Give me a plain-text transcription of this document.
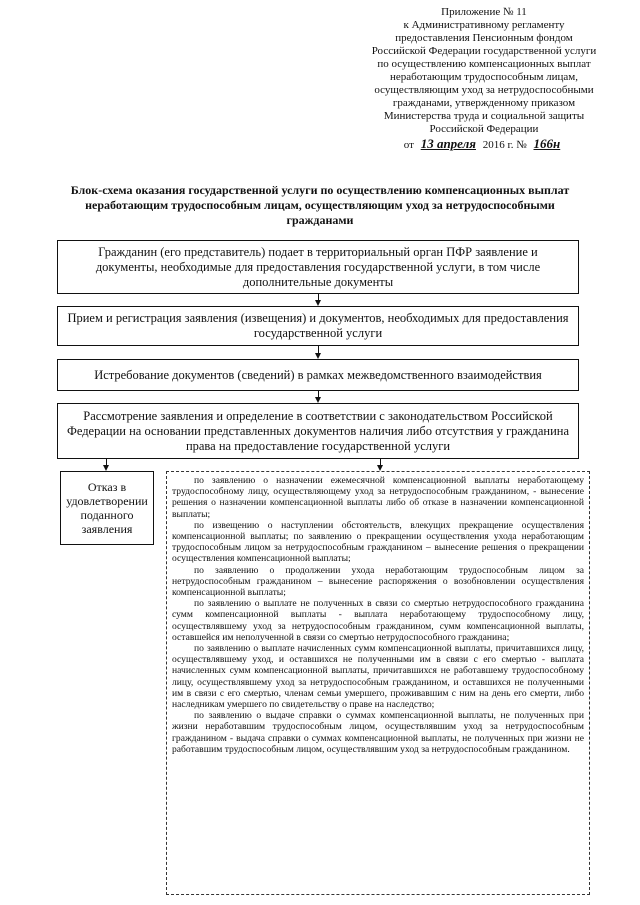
Приложение № 11
к Административному регламенту
предоставления Пенсионным фондом
Российской Федерации государственной услуги
по осуществлению компенсационных выплат
неработающим трудоспособным лицам,
осуществляющим уход за нетрудоспособными
гражданами, утвержденному приказом
Министерства труда и социальной защиты
Российской Федерации
от 13 апреля 2016 г. № 166н
Блок-схема оказания государственной услуги по осуществлению компенсационных выплат неработающим трудоспособным лицам, осуществляющим уход за нетрудоспособными гражданами
Гражданин (его представитель) подает в территориальный орган ПФР заявление и документы, необходимые для предоставления государственной услуги, в том числе дополнительные документы
Прием и регистрация заявления (извещения) и документов, необходимых для предоставления государственной услуги
Истребование документов (сведений) в рамках межведомственного взаимодействия
Рассмотрение заявления и определение в соответствии с законодательством Российской Федерации на основании представленных документов наличия либо отсутствия у гражданина права на предоставление государственной услуги
Отказ в удовлетворении поданного заявления

по заявлению о назначении ежемесячной компенсационной выплаты неработающему трудоспособному лицу, осуществляющему уход за нетрудоспособным гражданином, - вынесение решения о назначении компенсационной выплаты либо об отказе в назначении компенсационной выплаты;

по извещению о наступлении обстоятельств, влекущих прекращение осуществления компенсационной выплаты; по заявлению о прекращении осуществления ухода неработающим трудоспособным лицом за нетрудоспособным гражданином – вынесение решения о прекращении осуществления компенсационной выплаты;

по заявлению о продолжении ухода неработающим трудоспособным лицом за нетрудоспособным гражданином – вынесение распоряжения о возобновлении осуществления компенсационной выплаты;

по заявлению о выплате не полученных в связи со смертью нетрудоспособного гражданина сумм компенсационной выплаты - выплата неработающему трудоспособному лицу, осуществлявшему уход за нетрудоспособным гражданином, сумм компенсационной выплаты, оставшейся им неполученной в связи со смертью нетрудоспособного гражданина;

по заявлению о выплате начисленных сумм компенсационной выплаты, причитавшихся лицу, осуществлявшему уход, и оставшихся не полученными им в связи с его смертью - выплата начисленных сумм компенсационной выплаты, причитавшихся не работавшему трудоспособному лицу, осуществлявшему уход за нетрудоспособным гражданином, и оставшихся не полученными им в связи с его смертью, членам семьи умершего, проживавшим с ним на день его смерти, либо наследникам умершего по свидетельству о праве на наследство;

по заявлению о выдаче справки о суммах компенсационной выплаты, не полученных при жизни неработавшим трудоспособным лицом, осуществлявшим уход за нетрудоспособным гражданином - выдача справки о суммах компенсационной выплаты, не полученных при жизни не работавшим трудоспособным лицом, осуществлявшим уход за нетрудоспособным гражданином.
